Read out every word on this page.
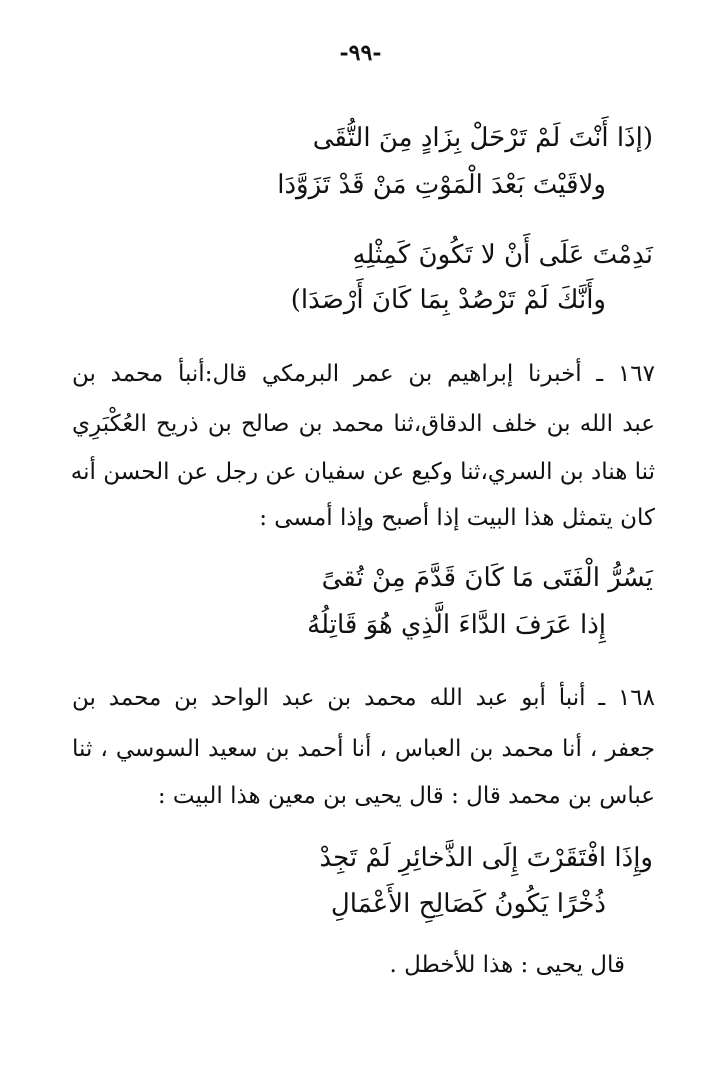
-٩٩-
(إذَا أَنْتَ لَمْ تَرْحَلْ بِزَادٍ مِنَ التُّقَى
ولاقَيْتَ بَعْدَ الْمَوْتِ مَنْ قَدْ تَزَوَّدَا
نَدِمْتَ عَلَى أَنْ لا تَكُونَ كَمِثْلِهِ
وأَنَّكَ لَمْ تَرْصُدْ بِمَا كَانَ أَرْصَدَا)
١٦٧ ـ أخبرنا إبراهيم بن عمر البرمكي قال:أنبأ محمد بن
عبد الله بن خلف الدقاق،ثنا محمد بن صالح بن ذريح العُكْبَرِي
ثنا هناد بن السري،ثنا وكيع عن سفيان عن رجل عن الحسن أنه
كان يتمثل هذا البيت إذا أصبح وإذا أمسى :
يَسُرُّ الْفَتَى مَا كَانَ قَدَّمَ مِنْ تُقىً
إِذا عَرَفَ الدَّاءَ الَّذِي هُوَ قَاتِلُهُ
١٦٨ ـ أنبأ أبو عبد الله محمد بن عبد الواحد بن محمد بن
جعفر ، أنا محمد بن العباس ، أنا أحمد بن سعيد السوسي ، ثنا
عباس بن محمد قال : قال يحيى بن معين هذا البيت :
وإِذَا افْتَقَرْتَ إِلَى الذَّخائِرِ لَمْ تَجِدْ
ذُخْرًا يَكُونُ كَصَالِحِ الأَعْمَالِ
قال يحيى : هذا للأخطل .
